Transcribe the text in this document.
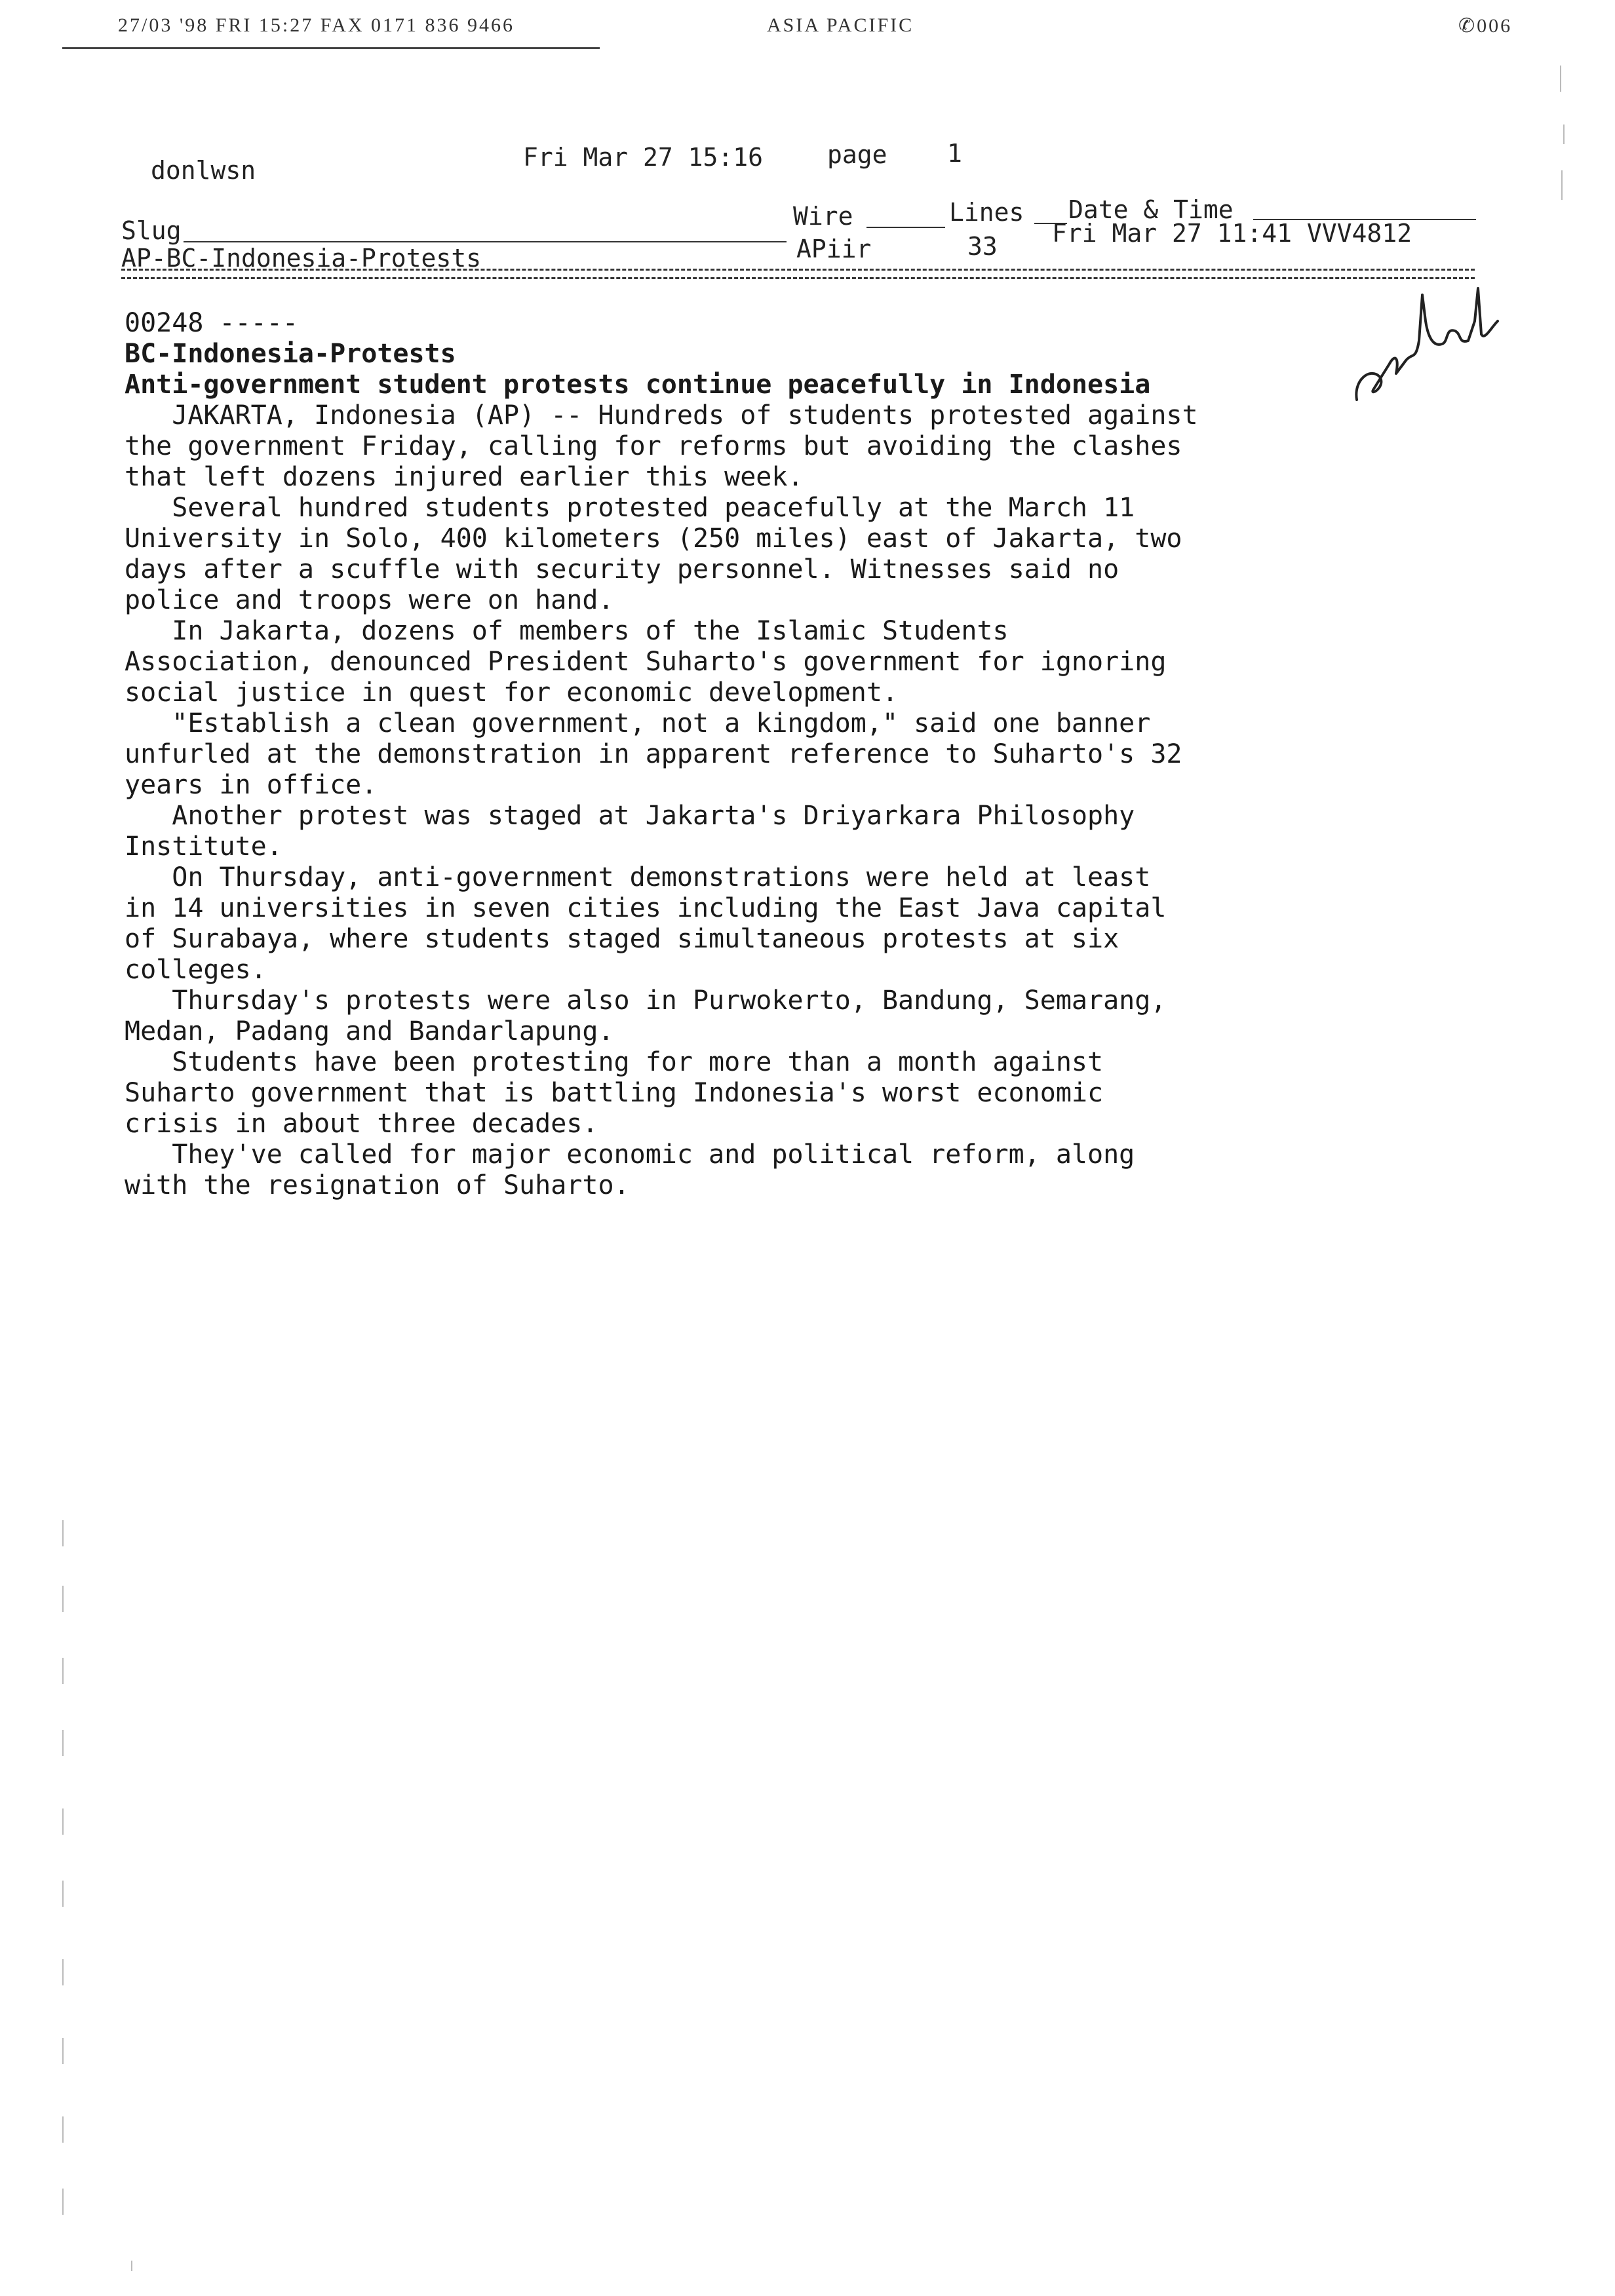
27/03 '98 FRI 15:27 FAX 0171 836 9466	ASIA PACIFIC	✆006
donlwsn	Fri Mar 27 15:16	page 1
Slug	Wire	Lines Date & Time
AP-BC-Indonesia-Protests	APiir	33 Fri Mar 27 11:41 VVV4812
00248 -----
BC-Indonesia-Protests
Anti-government student protests continue peacefully in Indonesia
JAKARTA, Indonesia (AP) -- Hundreds of students protested against
the government Friday, calling for reforms but avoiding the clashes
that left dozens injured earlier this week.
Several hundred students protested peacefully at the March 11
University in Solo, 400 kilometers (250 miles) east of Jakarta, two
days after a scuffle with security personnel. Witnesses said no
police and troops were on hand.
In Jakarta, dozens of members of the Islamic Students
Association, denounced President Suharto's government for ignoring
social justice in quest for economic development.
"Establish a clean government, not a kingdom," said one banner
unfurled at the demonstration in apparent reference to Suharto's 32
years in office.
Another protest was staged at Jakarta's Driyarkara Philosophy
Institute.
On Thursday, anti-government demonstrations were held at least
in 14 universities in seven cities including the East Java capital
of Surabaya, where students staged simultaneous protests at six
colleges.
Thursday's protests were also in Purwokerto, Bandung, Semarang,
Medan, Padang and Bandarlapung.
Students have been protesting for more than a month against
Suharto government that is battling Indonesia's worst economic
crisis in about three decades.
They've called for major economic and political reform, along
with the resignation of Suharto.
